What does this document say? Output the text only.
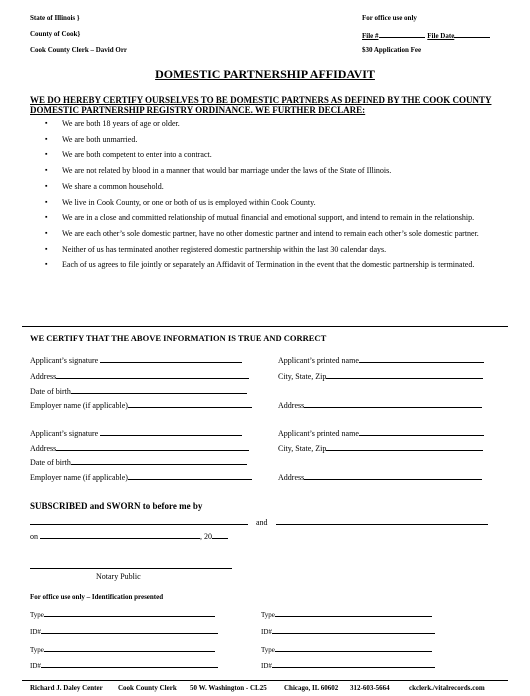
State of Illinois }
County of Cook}
Cook County Clerk – David Orr
For office use only
File #	File Date
$30 Application Fee
DOMESTIC PARTNERSHIP AFFIDAVIT
WE DO HEREBY CERTIFY OURSELVES TO BE DOMESTIC PARTNERS AS DEFINED BY THE COOK COUNTY DOMESTIC PARTNERSHIP REGISTRY ORDINANCE. WE FURTHER DECLARE:
▪ We are both 18 years of age or older.
▪ We are both unmarried.
▪ We are both competent to enter into a contract.
▪ We are not related by blood in a manner that would bar marriage under the laws of the State of Illinois.
▪ We share a common household.
▪ We live in Cook County, or one or both of us is employed within Cook County.
▪ We are in a close and committed relationship of mutual financial and emotional support, and intend to remain in the relationship.
▪ We are each other’s sole domestic partner, have no other domestic partner and intend to remain each other’s sole domestic partner.
▪ Neither of us has terminated another registered domestic partnership within the last 30 calendar days.
▪ Each of us agrees to file jointly or separately an Affidavit of Termination in the event that the domestic partnership is terminated.
WE CERTIFY THAT THE ABOVE INFORMATION IS TRUE AND CORRECT
Applicant’s signature	Applicant’s printed name
Address	City, State, Zip
Date of birth
Employer name (if applicable)	Address
Applicant’s signature	Applicant’s printed name
Address	City, State, Zip
Date of birth
Employer name (if applicable)	Address
SUBSCRIBED and SWORN to before me by
and
on	, 20
Notary Public
For office use only – Identification presented
Type	Type
ID#	ID#
Type	Type
ID#	ID#
Richard J. Daley Center Cook County Clerk 50 W. Washington - CL25 Chicago, IL 60602 312-603-5664	ckclerk./vitalrecords.com
